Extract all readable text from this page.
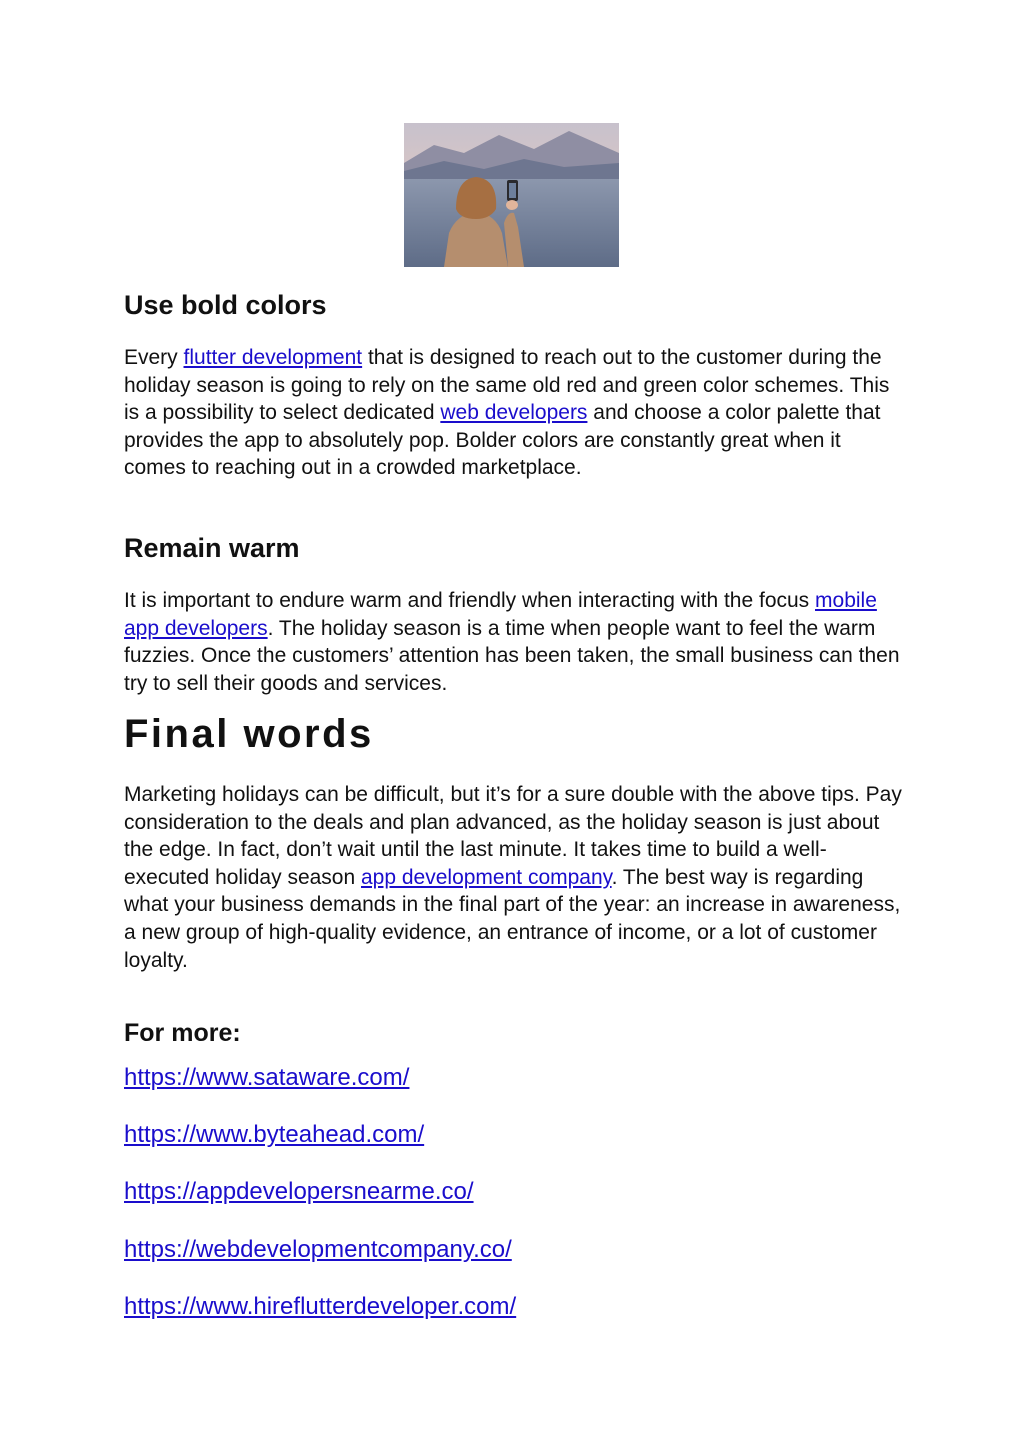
Use bold colors

Every flutter development that is designed to reach out to the customer during the holiday season is going to rely on the same old red and green color schemes. This is a possibility to select dedicated web developers and choose a color palette that provides the app to absolutely pop. Bolder colors are constantly great when it comes to reaching out in a crowded marketplace.

Remain warm

It is important to endure warm and friendly when interacting with the focus mobile app developers. The holiday season is a time when people want to feel the warm fuzzies. Once the customers’ attention has been taken, the small business can then try to sell their goods and services.

Final words

Marketing holidays can be difficult, but it’s for a sure double with the above tips. Pay consideration to the deals and plan advanced, as the holiday season is just about the edge. In fact, don’t wait until the last minute. It takes time to build a well-executed holiday season app development company. The best way is regarding what your business demands in the final part of the year: an increase in awareness, a new group of high-quality evidence, an entrance of income, or a lot of customer loyalty.

For more:
https://www.sataware.com/
https://www.byteahead.com/
https://appdevelopersnearme.co/
https://webdevelopmentcompany.co/
https://www.hireflutterdeveloper.com/
